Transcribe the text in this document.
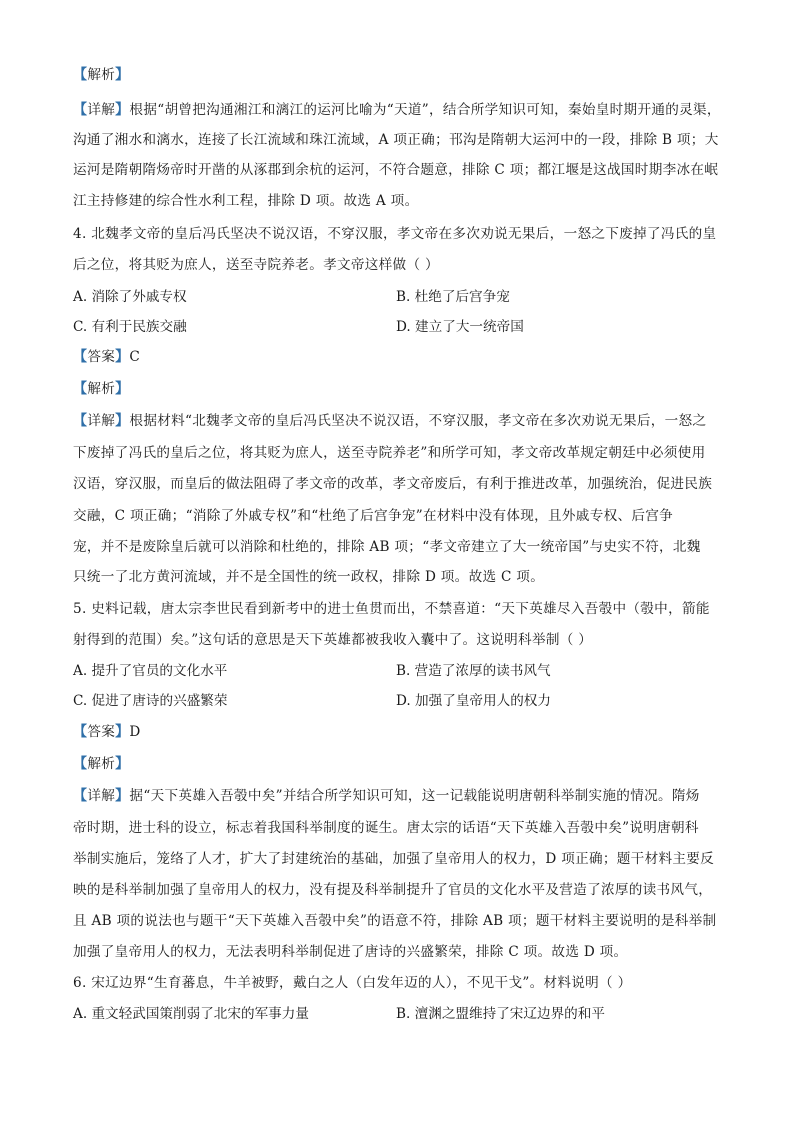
【解析】
【详解】根据“胡曾把沟通湘江和漓江的运河比喻为“天道”，结合所学知识可知，秦始皇时期开通的灵渠，
沟通了湘水和漓水，连接了长江流域和珠江流域，A 项正确；邗沟是隋朝大运河中的一段，排除 B 项；大
运河是隋朝隋炀帝时开凿的从涿郡到余杭的运河，不符合题意，排除 C 项；都江堰是这战国时期李冰在岷
江主持修建的综合性水利工程，排除 D 项。故选 A 项。
4. 北魏孝文帝的皇后冯氏坚决不说汉语，不穿汉服，孝文帝在多次劝说无果后，一怒之下废掉了冯氏的皇
后之位，将其贬为庶人，送至寺院养老。孝文帝这样做（ ）
A. 消除了外戚专权	B. 杜绝了后宫争宠
C. 有利于民族交融	D. 建立了大一统帝国
【答案】C
【解析】
【详解】根据材料“北魏孝文帝的皇后冯氏坚决不说汉语，不穿汉服，孝文帝在多次劝说无果后，一怒之
下废掉了冯氏的皇后之位，将其贬为庶人，送至寺院养老”和所学可知，孝文帝改革规定朝廷中必须使用
汉语，穿汉服，而皇后的做法阻碍了孝文帝的改革，孝文帝废后，有利于推进改革，加强统治，促进民族
交融，C 项正确；“消除了外戚专权”和“杜绝了后宫争宠”在材料中没有体现，且外戚专权、后宫争
宠，并不是废除皇后就可以消除和杜绝的，排除 AB 项；“孝文帝建立了大一统帝国”与史实不符，北魏
只统一了北方黄河流域，并不是全国性的统一政权，排除 D 项。故选 C 项。
5. 史料记载，唐太宗李世民看到新考中的进士鱼贯而出，不禁喜道：“天下英雄尽入吾彀中（彀中，箭能
射得到的范围）矣。”这句话的意思是天下英雄都被我收入囊中了。这说明科举制（ ）
A. 提升了官员的文化水平	B. 营造了浓厚的读书风气
C. 促进了唐诗的兴盛繁荣	D. 加强了皇帝用人的权力
【答案】D
【解析】
【详解】据“天下英雄入吾彀中矣”并结合所学知识可知，这一记载能说明唐朝科举制实施的情况。隋炀
帝时期，进士科的设立，标志着我国科举制度的诞生。唐太宗的话语“天下英雄入吾彀中矣”说明唐朝科
举制实施后，笼络了人才，扩大了封建统治的基础，加强了皇帝用人的权力，D 项正确；题干材料主要反
映的是科举制加强了皇帝用人的权力，没有提及科举制提升了官员的文化水平及营造了浓厚的读书风气，
且 AB 项的说法也与题干“天下英雄入吾彀中矣”的语意不符，排除 AB 项；题干材料主要说明的是科举制
加强了皇帝用人的权力，无法表明科举制促进了唐诗的兴盛繁荣，排除 C 项。故选 D 项。
6. 宋辽边界“生育蕃息，牛羊被野，戴白之人（白发年迈的人），不见干戈”。材料说明（ ）
A. 重文轻武国策削弱了北宋的军事力量	B. 澶渊之盟维持了宋辽边界的和平
